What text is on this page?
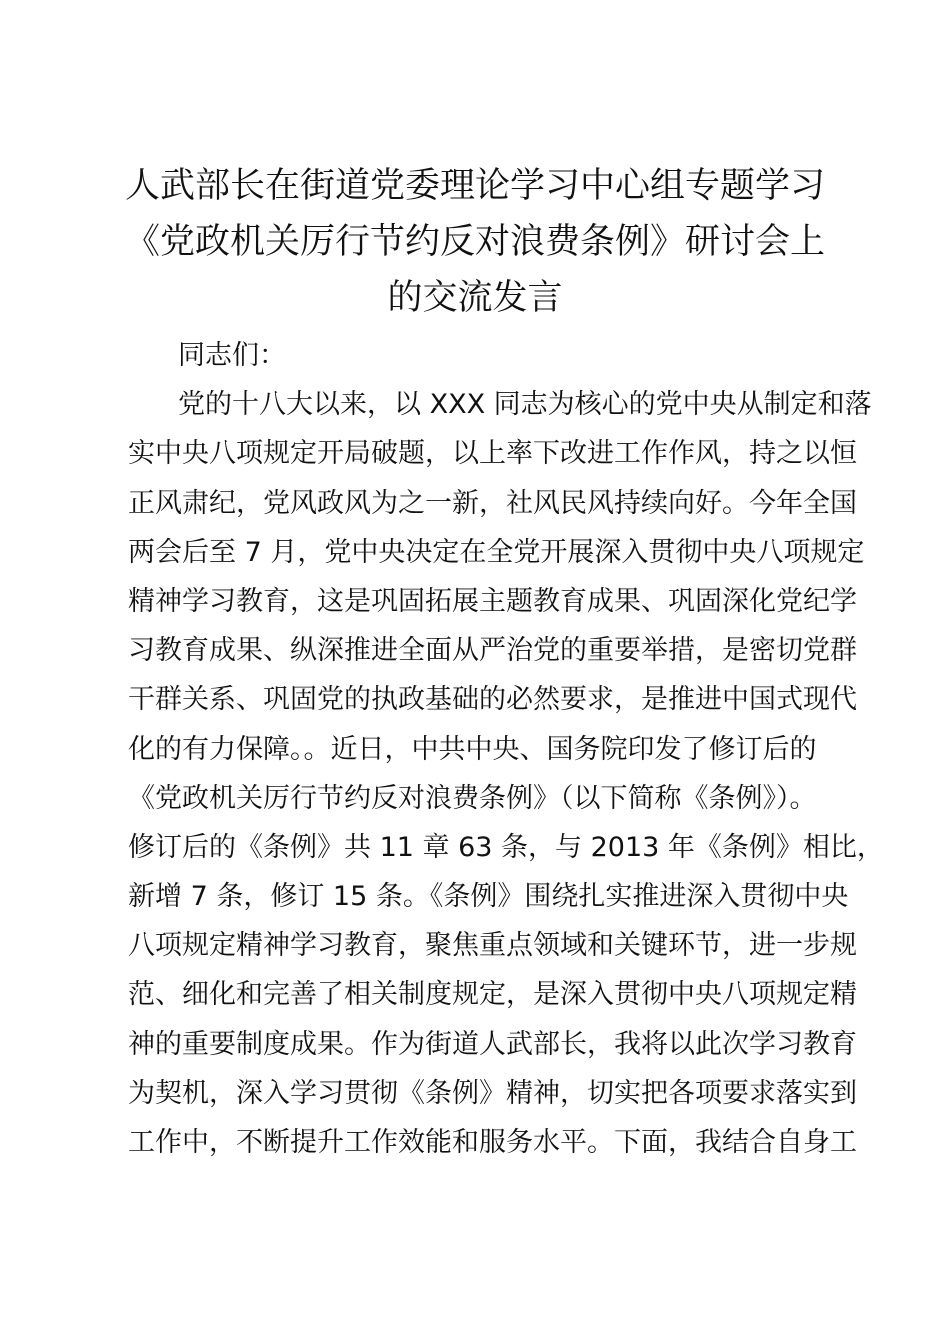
人武部长在街道党委理论学习中心组专题学习
《党政机关厉行节约反对浪费条例》研讨会上
的交流发言
同志们：
党的十八大以来，以 XXX 同志为核心的党中央从制定和落
实中央八项规定开局破题，以上率下改进工作作风，持之以恒
正风肃纪，党风政风为之一新，社风民风持续向好。今年全国
两会后至 7 月，党中央决定在全党开展深入贯彻中央八项规定
精神学习教育，这是巩固拓展主题教育成果、巩固深化党纪学
习教育成果、纵深推进全面从严治党的重要举措，是密切党群
干群关系、巩固党的执政基础的必然要求，是推进中国式现代
化的有力保障。。近日，中共中央、国务院印发了修订后的
《党政机关厉行节约反对浪费条例》（以下简称《条例》）。
修订后的《条例》共 11 章 63 条，与 2013 年《条例》相比，
新增 7 条，修订 15 条。《条例》围绕扎实推进深入贯彻中央
八项规定精神学习教育，聚焦重点领域和关键环节，进一步规
范、细化和完善了相关制度规定，是深入贯彻中央八项规定精
神的重要制度成果。作为街道人武部长，我将以此次学习教育
为契机，深入学习贯彻《条例》精神，切实把各项要求落实到
工作中，不断提升工作效能和服务水平。下面，我结合自身工
